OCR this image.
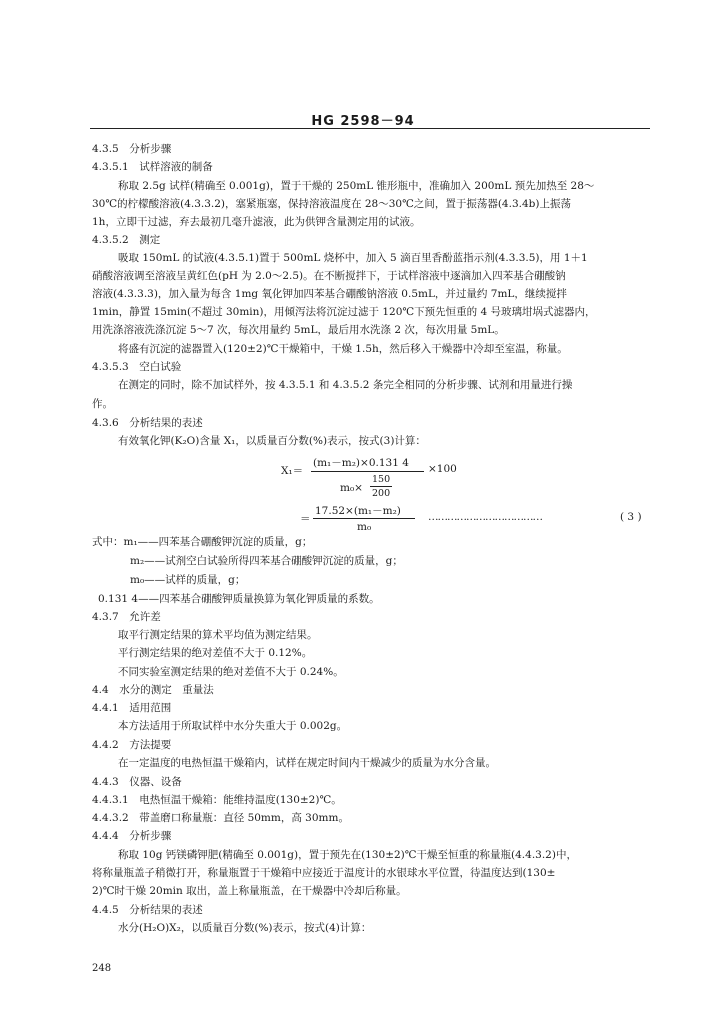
HG 2598－94
4.3.5　分析步骤
4.3.5.1　试样溶液的制备
称取 2.5g 试样(精确至 0.001g)，置于干燥的 250mL 锥形瓶中，准确加入 200mL 预先加热至 28～
30℃的柠檬酸溶液(4.3.3.2)，塞紧瓶塞，保持溶液温度在 28～30℃之间，置于振荡器(4.3.4b)上振荡
1h，立即干过滤，弃去最初几毫升滤液，此为供钾含量测定用的试液。
4.3.5.2　测定
吸取 150mL 的试液(4.3.5.1)置于 500mL 烧杯中，加入 5 滴百里香酚蓝指示剂(4.3.3.5)，用 1＋1
硝酸溶液调至溶液呈黄红色(pH 为 2.0～2.5)。在不断搅拌下，于试样溶液中逐滴加入四苯基合硼酸钠
溶液(4.3.3.3)，加入量为每含 1mg 氧化钾加四苯基合硼酸钠溶液 0.5mL，并过量约 7mL，继续搅拌
1min，静置 15min(不超过 30min)，用倾泻法将沉淀过滤于 120℃下预先恒重的 4 号玻璃坩埚式滤器内，
用洗涤溶液洗涤沉淀 5～7 次，每次用量约 5mL，最后用水洗涤 2 次，每次用量 5mL。
将盛有沉淀的滤器置入(120±2)℃干燥箱中，干燥 1.5h，然后移入干燥器中冷却至室温，称量。
4.3.5.3　空白试验
在测定的同时，除不加试样外，按 4.3.5.1 和 4.3.5.2 条完全相同的分析步骤、试剂和用量进行操
作。
4.3.6　分析结果的表述
有效氧化钾(K₂O)含量 X₁，以质量百分数(%)表示，按式(3)计算：
X₁＝
(m₁－m₂)×0.131 4
m₀×
150
200
×100
＝
17.52×(m₁－m₂)
m₀
………………………………	( 3 )
式中：m₁——四苯基合硼酸钾沉淀的质量，g；
m₂——试剂空白试验所得四苯基合硼酸钾沉淀的质量，g；
m₀——试样的质量，g；
0.131 4——四苯基合硼酸钾质量换算为氧化钾质量的系数。
4.3.7　允许差
取平行测定结果的算术平均值为测定结果。
平行测定结果的绝对差值不大于 0.12%。
不同实验室测定结果的绝对差值不大于 0.24%。
4.4　水分的测定　重量法
4.4.1　适用范围
本方法适用于所取试样中水分失重大于 0.002g。
4.4.2　方法提要
在一定温度的电热恒温干燥箱内，试样在规定时间内干燥减少的质量为水分含量。
4.4.3　仪器、设备
4.4.3.1　电热恒温干燥箱：能维持温度(130±2)℃。
4.4.3.2　带盖磨口称量瓶：直径 50mm，高 30mm。
4.4.4　分析步骤
称取 10g 钙镁磷钾肥(精确至 0.001g)，置于预先在(130±2)℃干燥至恒重的称量瓶(4.4.3.2)中，
将称量瓶盖子稍微打开，称量瓶置于干燥箱中应接近于温度计的水银球水平位置，待温度达到(130±
2)℃时干燥 20min 取出，盖上称量瓶盖，在干燥器中冷却后称量。
4.4.5　分析结果的表述
水分(H₂O)X₂，以质量百分数(%)表示，按式(4)计算：
248
